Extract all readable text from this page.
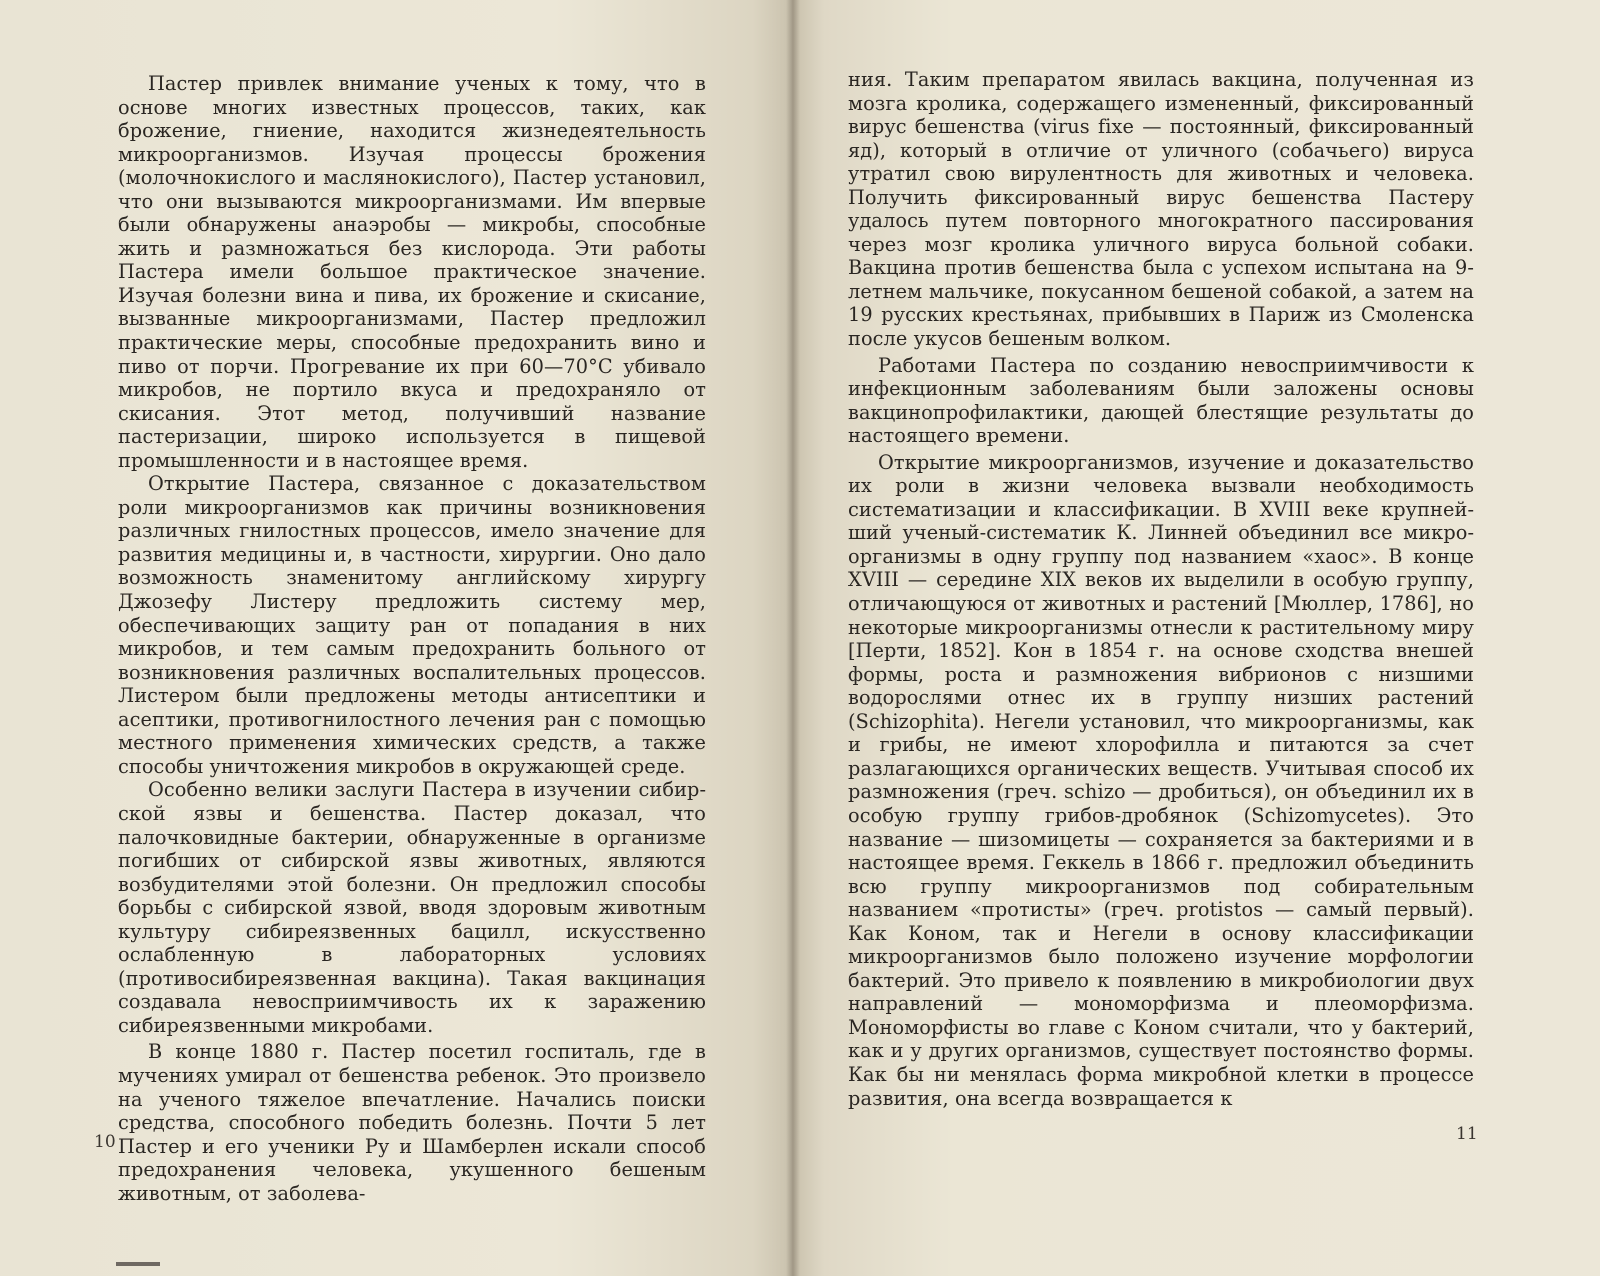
Пастер привлек внимание ученых к тому, что в основе многих известных процессов, таких, как брожение, гниение, находится жизнедеятельность микроорганизмов. Изучая процессы брожения (молочнокислого и маслянокислого), Пастер установил, что они вызываются микроорганизмами. Им впервые были обнаружены анаэробы — микробы, способные жить и размножаться без кислорода. Эти работы Пастера имели большое практическое значение. Изучая болезни вина и пива, их брожение и скисание, вызванные микроорганизмами, Пастер предложил практические меры, способные предохранить вино и пиво от порчи. Прогревание их при 60—70°С убивало микробов, не портило вкуса и предохраняло от скисания. Этот метод, получивший название пастеризации, широко используется в пищевой промышленности и в настоящее время.

Открытие Пастера, связанное с доказательством роли микроорганизмов как причины возникновения различных гнилостных процессов, имело значение для развития медицины и, в частности, хирургии. Оно дало возможность знаменитому английскому хирургу Джозефу Листеру предложить систему мер, обеспечивающих защиту ран от попадания в них микробов, и тем самым предохранить больного от возникновения различных воспалительных процессов. Листером были предложены методы антисептики и асептики, противогнилостного лечения ран с помощью местного применения химических средств, а также способы уничтожения микробов в окружающей среде.

Особенно велики заслуги Пастера в изучении сибирской язвы и бешенства. Пастер доказал, что палочковидные бактерии, обнаруженные в организме погибших от сибирской язвы животных, являются возбудителями этой болезни. Он предложил способы борьбы с сибирской язвой, вводя здоровым животным культуру сибиреязвенных бацилл, искусственно ослабленную в лабораторных условиях (противосибиреязвенная вакцина). Такая вакцинация создавала невосприимчивость их к заражению сибиреязвенными микробами.

В конце 1880 г. Пастер посетил госпиталь, где в мучениях умирал от бешенства ребенок. Это произвело на ученого тяжелое впечатление. Начались поиски средства, способного победить болезнь. Почти 5 лет Пастер и его ученики Ру и Шамберлен искали способ предохранения человека, укушенного бешеным животным, от заболева-

10

ния. Таким препаратом явилась вакцина, полученная из мозга кролика, содержащего измененный, фиксированный вирус бешенства (virus fixe — постоянный, фиксированный яд), который в отличие от уличного (собачьего) вируса утратил свою вирулентность для животных и человека. Получить фиксированный вирус бешенства Пастеру удалось путем повторного многократного пассирования через мозг кролика уличного вируса больной собаки. Вакцина против бешенства была с успехом испытана на 9-летнем мальчике, покусанном бешеной собакой, а затем на 19 русских крестьянах, прибывших в Париж из Смоленска после укусов бешеным волком.

Работами Пастера по созданию невосприимчивости к инфекционным заболеваниям были заложены основы вакцинопрофилактики, дающей блестящие результаты до настоящего времени.

Открытие микроорганизмов, изучение и доказательство их роли в жизни человека вызвали необходимость систематизации и классификации. В XVIII веке крупнейший ученый-систематик К. Линней объединил все микроорганизмы в одну группу под названием «хаос». В конце XVIII — середине XIX веков их выделили в особую группу, отличающуюся от животных и растений [Мюллер, 1786], но некоторые микроорганизмы отнесли к растительному миру [Перти, 1852]. Кон в 1854 г. на основе сходства внешей формы, роста и размножения вибрионов с низшими водорослями отнес их в группу низших растений (Schizophita). Негели установил, что микроорганизмы, как и грибы, не имеют хлорофилла и питаются за счет разлагающихся органических веществ. Учитывая способ их размножения (греч. schizo — дробиться), он объединил их в особую группу грибов-дробянок (Schizomycetes). Это название — шизомицеты — сохраняется за бактериями и в настоящее время. Геккель в 1866 г. предложил объединить всю группу микроорганизмов под собирательным названием «протисты» (греч. protistos — самый первый). Как Коном, так и Негели в основу классификации микроорганизмов было положено изучение морфологии бактерий. Это привело к появлению в микробиологии двух направлений — мономорфизма и плеоморфизма. Мономорфисты во главе с Коном считали, что у бактерий, как и у других организмов, существует постоянство формы. Как бы ни менялась форма микробной клетки в процессе развития, она всегда возвращается к

11
